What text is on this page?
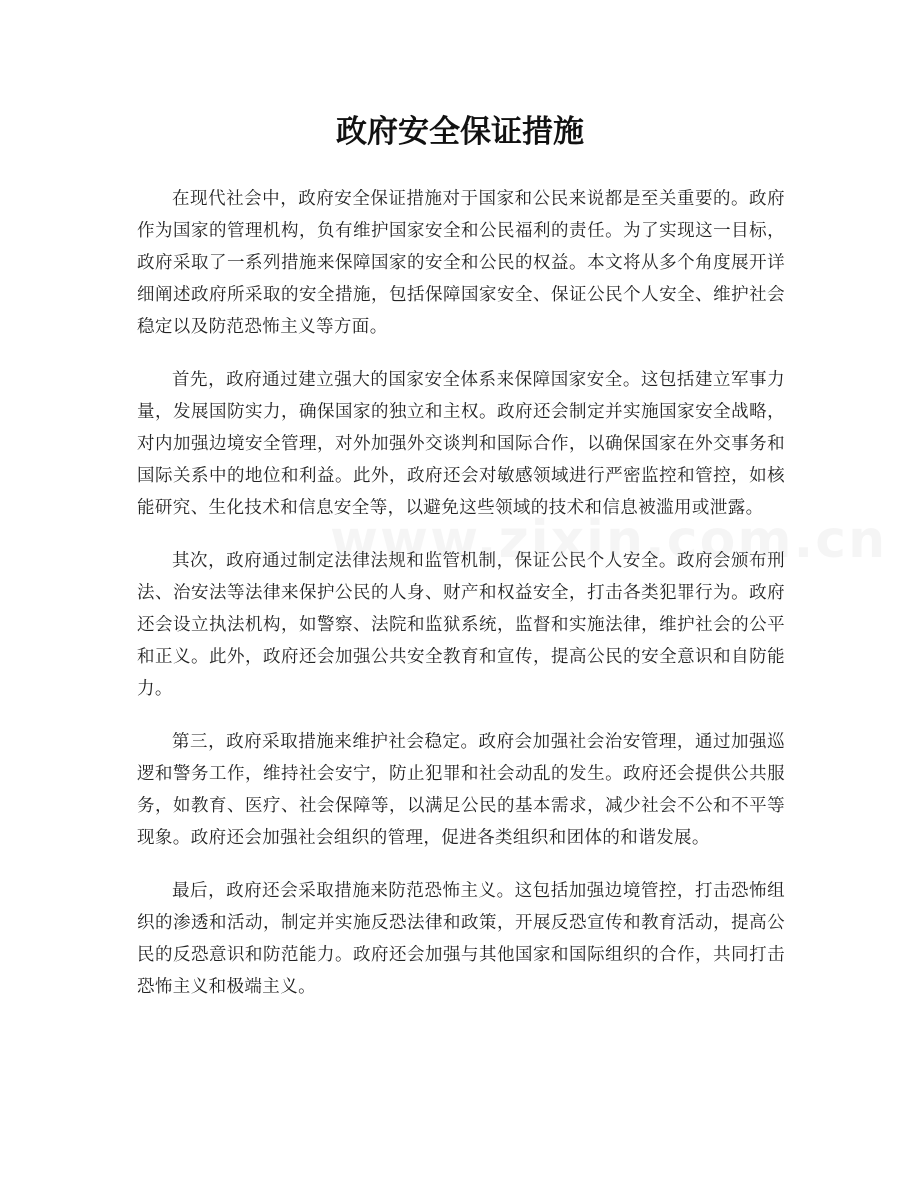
政府安全保证措施

在现代社会中，政府安全保证措施对于国家和公民来说都是至关重要的。政府作为国家的管理机构，负有维护国家安全和公民福利的责任。为了实现这一目标，政府采取了一系列措施来保障国家的安全和公民的权益。本文将从多个角度展开详细阐述政府所采取的安全措施，包括保障国家安全、保证公民个人安全、维护社会稳定以及防范恐怖主义等方面。

首先，政府通过建立强大的国家安全体系来保障国家安全。这包括建立军事力量，发展国防实力，确保国家的独立和主权。政府还会制定并实施国家安全战略，对内加强边境安全管理，对外加强外交谈判和国际合作，以确保国家在外交事务和国际关系中的地位和利益。此外，政府还会对敏感领域进行严密监控和管控，如核能研究、生化技术和信息安全等，以避免这些领域的技术和信息被滥用或泄露。

其次，政府通过制定法律法规和监管机制，保证公民个人安全。政府会颁布刑法、治安法等法律来保护公民的人身、财产和权益安全，打击各类犯罪行为。政府还会设立执法机构，如警察、法院和监狱系统，监督和实施法律，维护社会的公平和正义。此外，政府还会加强公共安全教育和宣传，提高公民的安全意识和自防能力。

第三，政府采取措施来维护社会稳定。政府会加强社会治安管理，通过加强巡逻和警务工作，维持社会安宁，防止犯罪和社会动乱的发生。政府还会提供公共服务，如教育、医疗、社会保障等，以满足公民的基本需求，减少社会不公和不平等现象。政府还会加强社会组织的管理，促进各类组织和团体的和谐发展。

最后，政府还会采取措施来防范恐怖主义。这包括加强边境管控，打击恐怖组织的渗透和活动，制定并实施反恐法律和政策，开展反恐宣传和教育活动，提高公民的反恐意识和防范能力。政府还会加强与其他国家和国际组织的合作，共同打击恐怖主义和极端主义。
